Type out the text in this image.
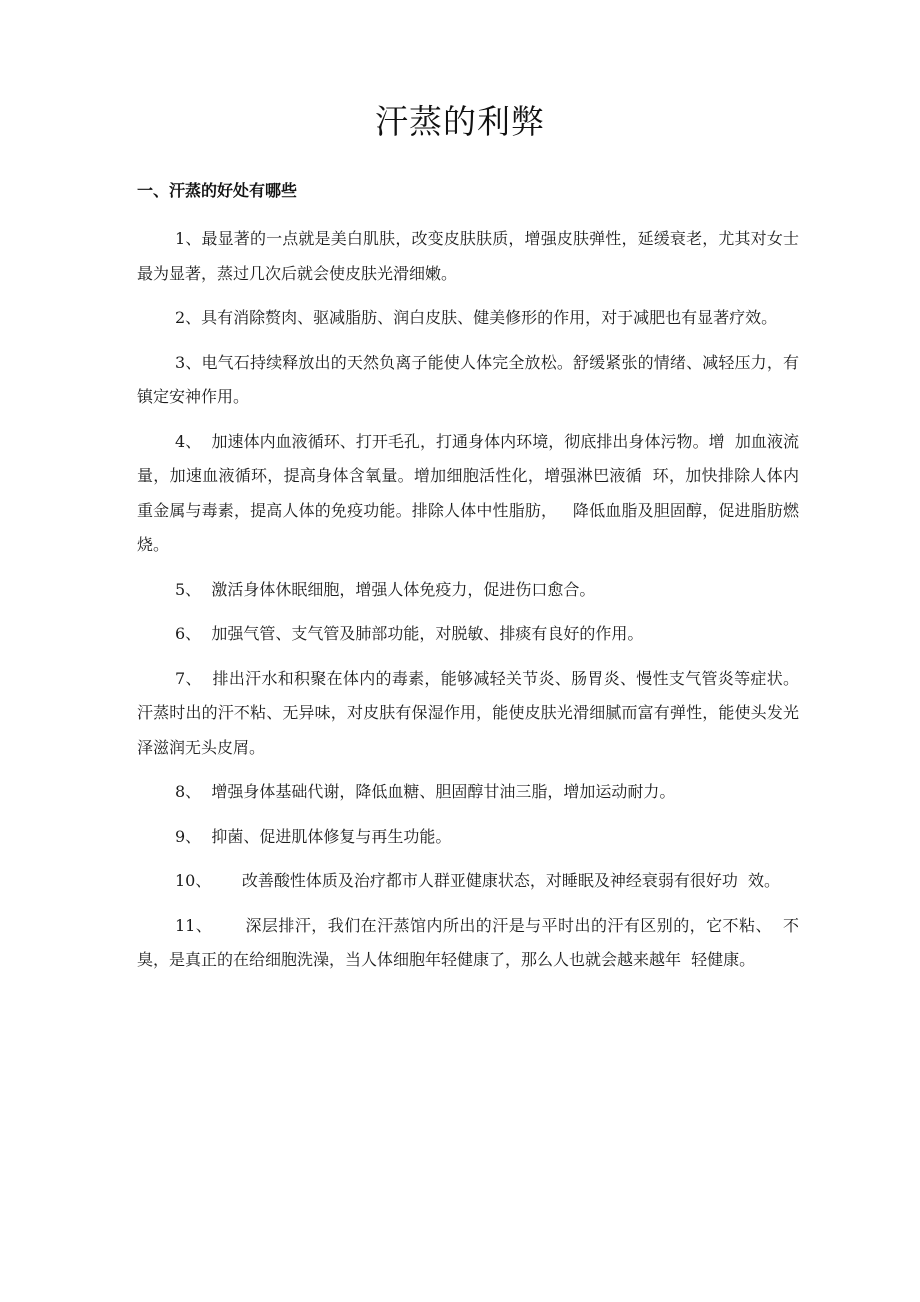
汗蒸的利弊
一、汗蒸的好处有哪些
1、最显著的一点就是美白肌肤，改变皮肤肤质，增强皮肤弹性，延缓衰老，尤其对女士最为显著，蒸过几次后就会使皮肤光滑细嫩。
2、具有消除赘肉、驱减脂肪、润白皮肤、健美修形的作用，对于减肥也有显著疗效。
3、电气石持续释放出的天然负离子能使人体完全放松。舒缓紧张的情绪、减轻压力，有镇定安神作用。
4、  加速体内血液循环、打开毛孔，打通身体内环境，彻底排出身体污物。增  加血液流量，加速血液循环，提高身体含氧量。增加细胞活性化，增强淋巴液循  环，加快排除人体内重金属与毒素，提高人体的免疫功能。排除人体中性脂肪，   降低血脂及胆固醇，促进脂肪燃烧。
5、  激活身体休眠细胞，增强人体免疫力，促进伤口愈合。
6、  加强气管、支气管及肺部功能，对脱敏、排痰有良好的作用。
7、  排出汗水和积聚在体内的毒素，能够减轻关节炎、肠胃炎、慢性支气管炎等症状。汗蒸时出的汗不粘、无异味，对皮肤有保湿作用，能使皮肤光滑细腻而富有弹性，能使头发光泽滋润无头皮屑。
8、  增强身体基础代谢，降低血糖、胆固醇甘油三脂，增加运动耐力。
9、  抑菌、促进肌体修复与再生功能。
10、      改善酸性体质及治疗都市人群亚健康状态，对睡眠及神经衰弱有很好功  效。
11、      深层排汗，我们在汗蒸馆内所出的汗是与平时出的汗有区别的，它不粘、  不臭，是真正的在给细胞洗澡，当人体细胞年轻健康了，那么人也就会越来越年  轻健康。
